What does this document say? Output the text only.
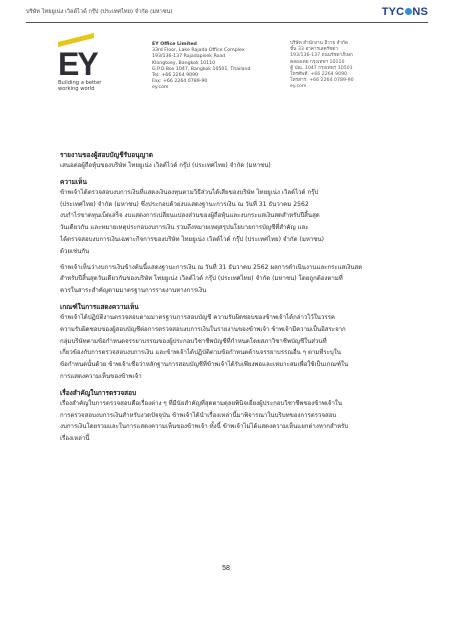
บริษัท ไทยยูเน่ง เวิลด์ไวด์ กรุ๊ป (ประเทศไทย) จำกัด (มหาชน)	TYC NS
EY
Building a better
working world
EY Office Limited
33rd Floor, Lake Rajada Office Complex
193/136-137 Rajadapisek Road
Klongtoey, Bangkok 10110
G.P.O.Box 1047, Bangkok 10501, Thailand
Tel: +66 2264 9090
Fax: +66 2264 0789-90
ey.com
บริษัท สำนักงาน อีวาย จำกัด
ชั้น 33 อาคารเลครัชดา
193/136-137 ถนนรัชดาภิเษก
คลองเตย กรุงเทพฯ 10110
ตู้ ปณ. 1047 กรุงเทพฯ 10501
โทรศัพท์: +66 2264 9090
โทรสาร: +66 2264 0789-90
ey.com
รายงานของผู้สอบบัญชีรับอนุญาต
เสนอต่อผู้ถือหุ้นของบริษัท ไทยยูเน่ง เวิลด์ไวด์ กรุ๊ป (ประเทศไทย) จำกัด (มหาชน)
ความเห็น
ข้าพเจ้าได้ตรวจสอบงบการเงินที่แสดงเงินลงทุนตามวิธีส่วนได้เสียของบริษัท ไทยยูเน่ง เวิลด์ไวด์ กรุ๊ป
(ประเทศไทย) จำกัด (มหาชน) ซึ่งประกอบด้วยงบแสดงฐานะการเงิน ณ วันที่ 31 ธันวาคม 2562
งบกำไรขาดทุนเบ็ดเสร็จ งบแสดงการเปลี่ยนแปลงส่วนของผู้ถือหุ้นและงบกระแสเงินสดสำหรับปีสิ้นสุด
วันเดียวกัน และหมายเหตุประกอบงบการเงิน รวมถึงหมายเหตุสรุปนโยบายการบัญชีที่สำคัญ และ
ได้ตรวจสอบงบการเงินเฉพาะกิจการของบริษัท ไทยยูเน่ง เวิลด์ไวด์ กรุ๊ป (ประเทศไทย) จำกัด (มหาชน)
ด้วยเช่นกัน
ข้าพเจ้าเห็นว่างบการเงินข้างต้นนี้แสดงฐานะการเงิน ณ วันที่ 31 ธันวาคม 2562 ผลการดำเนินงานและกระแสเงินสด
สำหรับปีสิ้นสุดวันเดียวกันของบริษัท ไทยยูเน่ง เวิลด์ไวด์ กรุ๊ป (ประเทศไทย) จำกัด (มหาชน) โดยถูกต้องตามที่
ควรในสาระสำคัญตามมาตรฐานการรายงานทางการเงิน
เกณฑ์ในการแสดงความเห็น
ข้าพเจ้าได้ปฏิบัติงานตรวจสอบตามมาตรฐานการสอบบัญชี ความรับผิดชอบของข้าพเจ้าได้กล่าวไว้ในวรรค
ความรับผิดชอบของผู้สอบบัญชีต่อการตรวจสอบงบการเงินในรายงานของข้าพเจ้า ข้าพเจ้ามีความเป็นอิสระจาก
กลุ่มบริษัทตามข้อกำหนดจรรยาบรรณของผู้ประกอบวิชาชีพบัญชีที่กำหนดโดยสภาวิชาชีพบัญชีในส่วนที่
เกี่ยวข้องกับการตรวจสอบงบการเงิน และข้าพเจ้าได้ปฏิบัติตามข้อกำหนดด้านจรรยาบรรณอื่น ๆ ตามที่ระบุใน
ข้อกำหนดนั้นด้วย ข้าพเจ้าเชื่อว่าหลักฐานการสอบบัญชีที่ข้าพเจ้าได้รับเพียงพอและเหมาะสมเพื่อใช้เป็นเกณฑ์ใน
การแสดงความเห็นของข้าพเจ้า
เรื่องสำคัญในการตรวจสอบ
เรื่องสำคัญในการตรวจสอบคือเรื่องต่าง ๆ ที่มีนัยสำคัญที่สุดตามดุลยพินิจเยี่ยงผู้ประกอบวิชาชีพของข้าพเจ้าใน
การตรวจสอบงบการเงินสำหรับงวดปัจจุบัน ข้าพเจ้าได้นำเรื่องเหล่านี้มาพิจารณาในบริบทของการตรวจสอบ
งบการเงินโดยรวมและในการแสดงความเห็นของข้าพเจ้า ทั้งนี้ ข้าพเจ้าไม่ได้แสดงความเห็นแยกต่างหากสำหรับ
เรื่องเหล่านี้
58
